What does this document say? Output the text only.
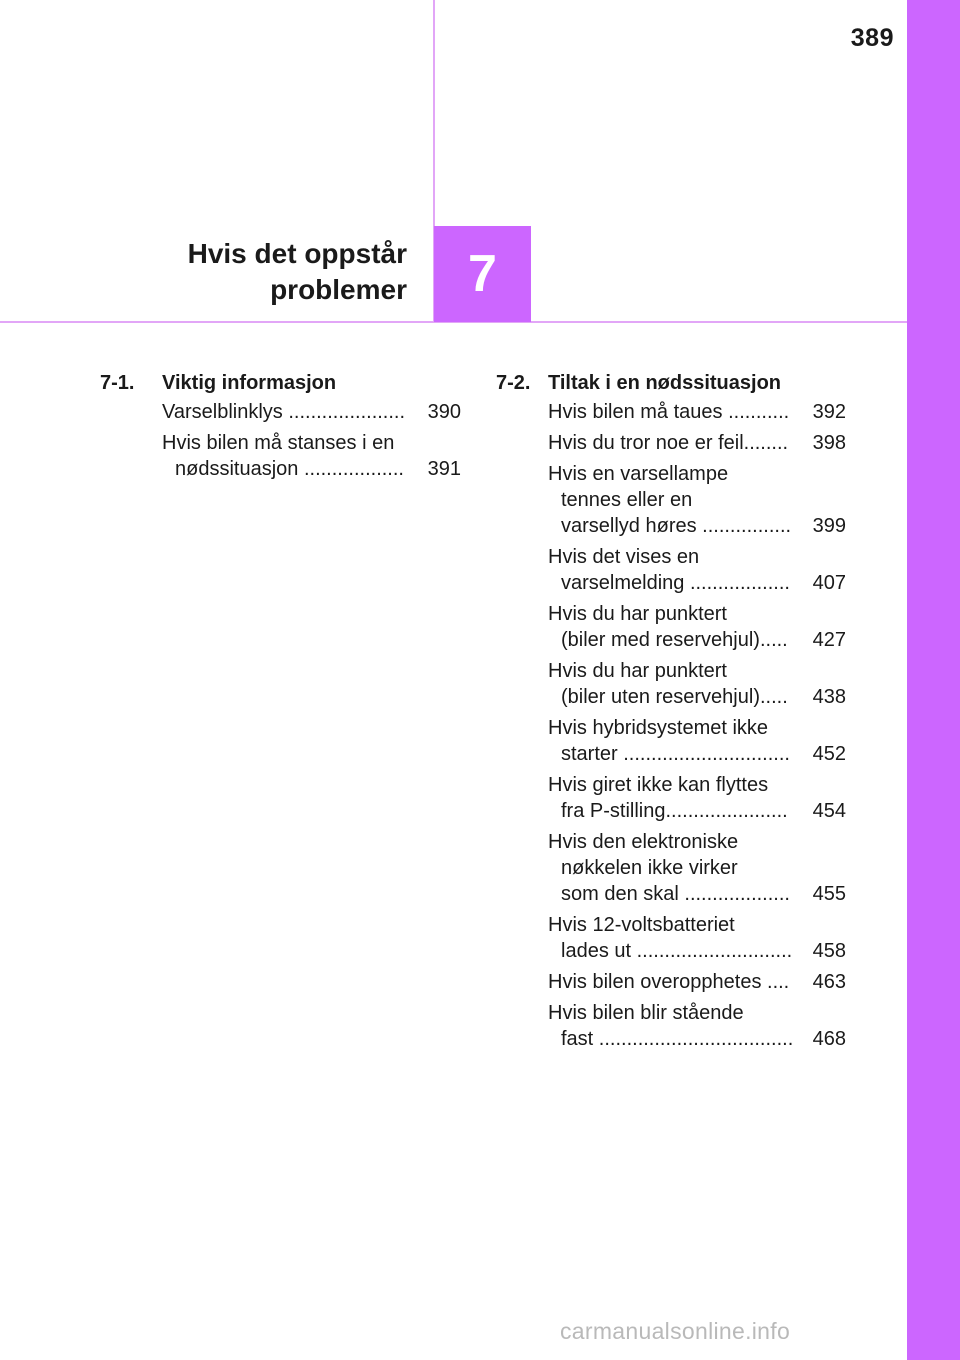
389
Hvis det oppstår
problemer 7
7-1.	Viktig informasjon
Varselblinklys .....................	390
Hvis bilen må stanses i en
nødssituasjon ..................	391
7-2. Tiltak i en nødssituasjon
Hvis bilen må taues ...........	392
Hvis du tror noe er feil........	398
Hvis en varsellampe
tennes eller en
varsellyd høres ................	399
Hvis det vises en
varselmelding ..................	407
Hvis du har punktert
(biler med reservehjul).....	427
Hvis du har punktert
(biler uten reservehjul).....	438
Hvis hybridsystemet ikke
starter ..............................	452
Hvis giret ikke kan flyttes
fra P-stilling......................	454
Hvis den elektroniske
nøkkelen ikke virker
som den skal ...................	455
Hvis 12-voltsbatteriet
lades ut ............................	458
Hvis bilen overopphetes ....	463
Hvis bilen blir stående
fast ................................... 468
carmanualsonline.info
